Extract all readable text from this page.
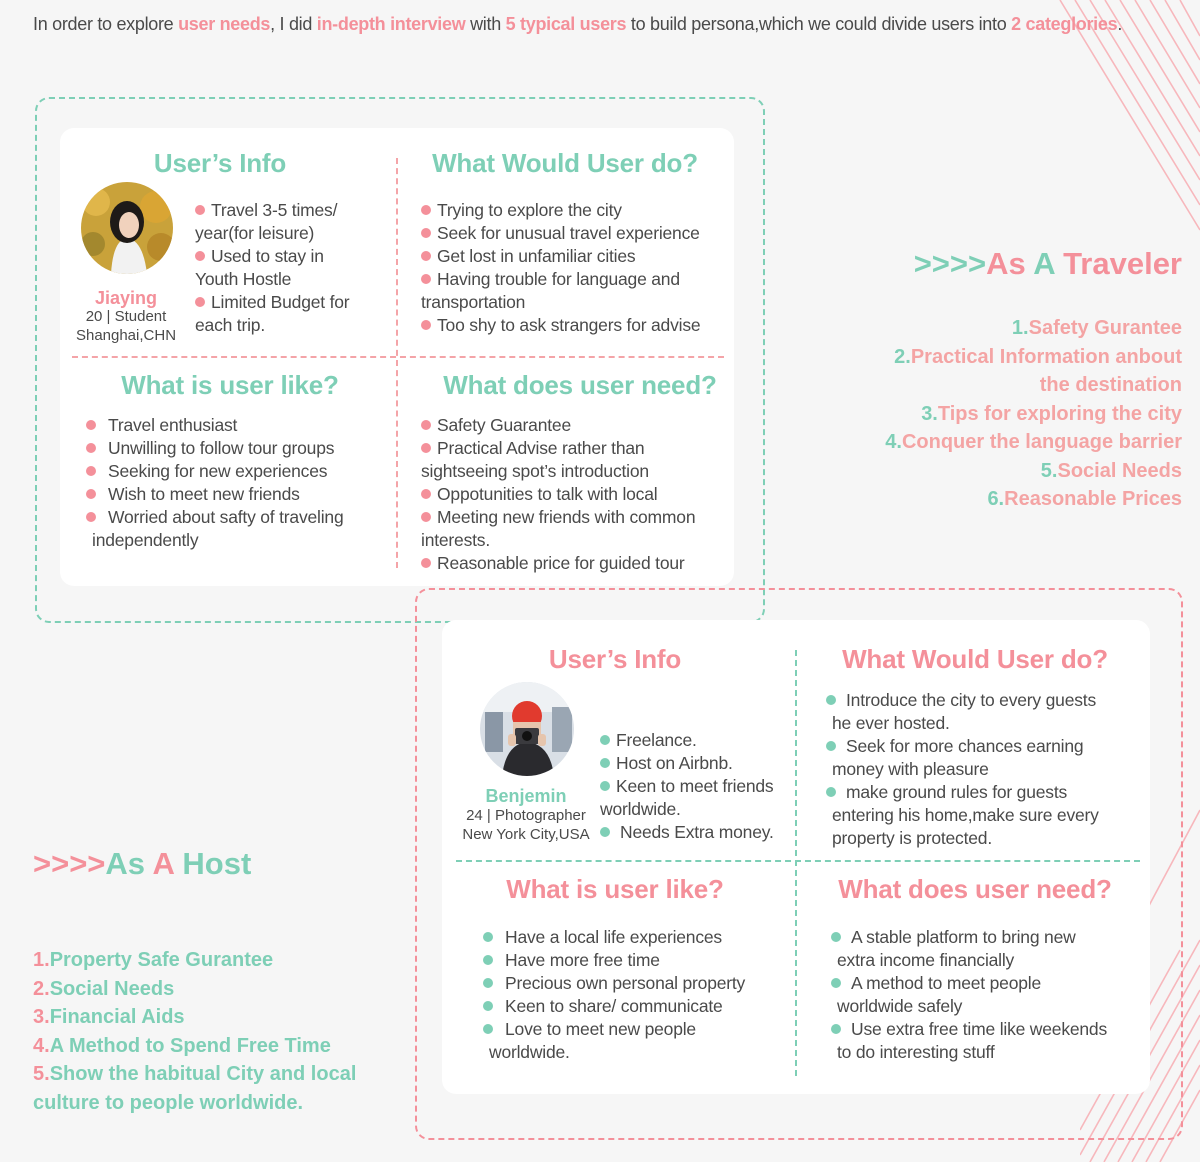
In order to explore user needs, I did in-depth interview with 5 typical users to build persona,which we could divide users into 2 categlories.
User’s Info	What Would User do?
What is user like?	What does user need?
Jiaying
20 | Student
Shanghai,CHN
Travel 3-5 times/
year(for leisure)
Used to stay in
Youth Hostle
Limited Budget for
each trip.
Trying to explore the city
Seek for unusual travel experience
Get lost in unfamiliar cities
Having trouble for language and
transportation
Too shy to ask strangers for advise
Travel enthusiast
Unwilling to follow tour groups
Seeking for new experiences
Wish to meet new friends
Worried about safty of traveling
independently
Safety Guarantee
Practical Advise rather than
sightseeing spot’s introduction
Oppotunities to talk with local
Meeting new friends with common
interests.
Reasonable price for guided tour
>>>>As A Traveler
1.Safety Gurantee
2.Practical Information anbout
the destination
3.Tips for exploring the city
4.Conquer the language barrier
5.Social Needs
6.Reasonable Prices
User’s Info	What Would User do?
What is user like?	What does user need?
Benjemin
24 | Photographer
New York City,USA
Freelance.
Host on Airbnb.
Keen to meet friends
worldwide.
Needs Extra money.
Introduce the city to every guests
he ever hosted.
Seek for more chances earning
money with pleasure
make ground rules for guests
entering his home,make sure every
property is protected.
Have a local life experiences
Have more free time
Precious own personal property
Keen to share/ communicate
Love to meet new people
worldwide.
A stable platform to bring new
extra income financially
A method to meet people
worldwide safely
Use extra free time like weekends
to do interesting stuff
>>>>As A Host
1.Property Safe Gurantee
2.Social Needs
3.Financial Aids
4.A Method to Spend Free Time
5.Show the habitual City and local
culture to people worldwide.
